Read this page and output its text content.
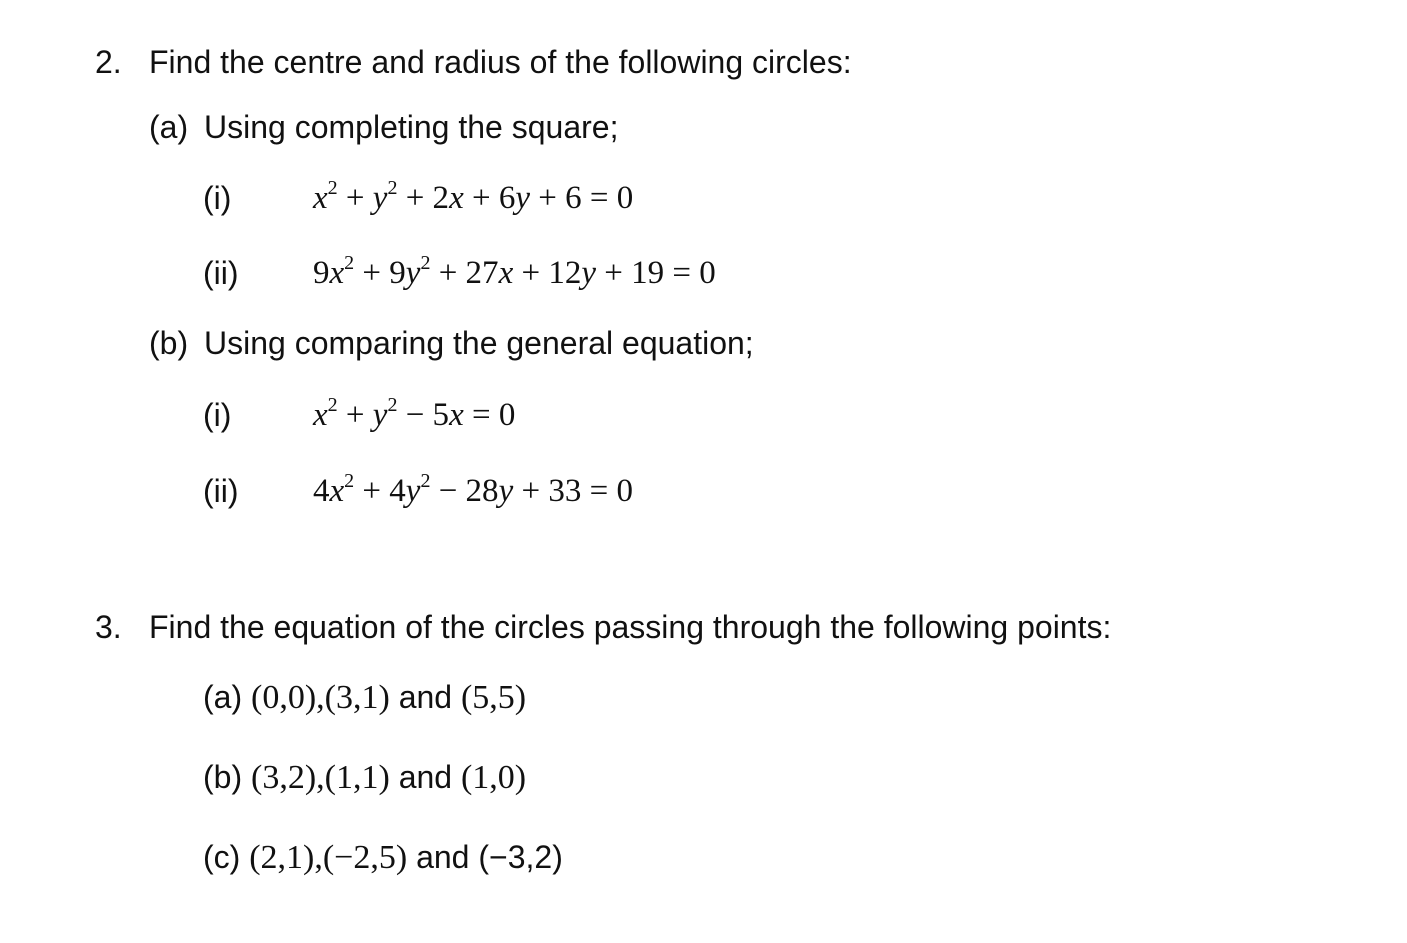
2. Find the centre and radius of the following circles:
(a) Using completing the square;
(i) $x^2 + y^2 + 2x + 6y + 6 = 0$
(ii) $9x^2 + 9y^2 + 27x + 12y + 19 = 0$
(b) Using comparing the general equation;
(i) $x^2 + y^2 - 5x = 0$
(ii) $4x^2 + 4y^2 - 28y + 33 = 0$
3. Find the equation of the circles passing through the following points:
(a) (0,0),(3,1) and (5,5)
(b) (3,2),(1,1) and (1,0)
(c) (2,1),(−2,5) and (−3,2)
